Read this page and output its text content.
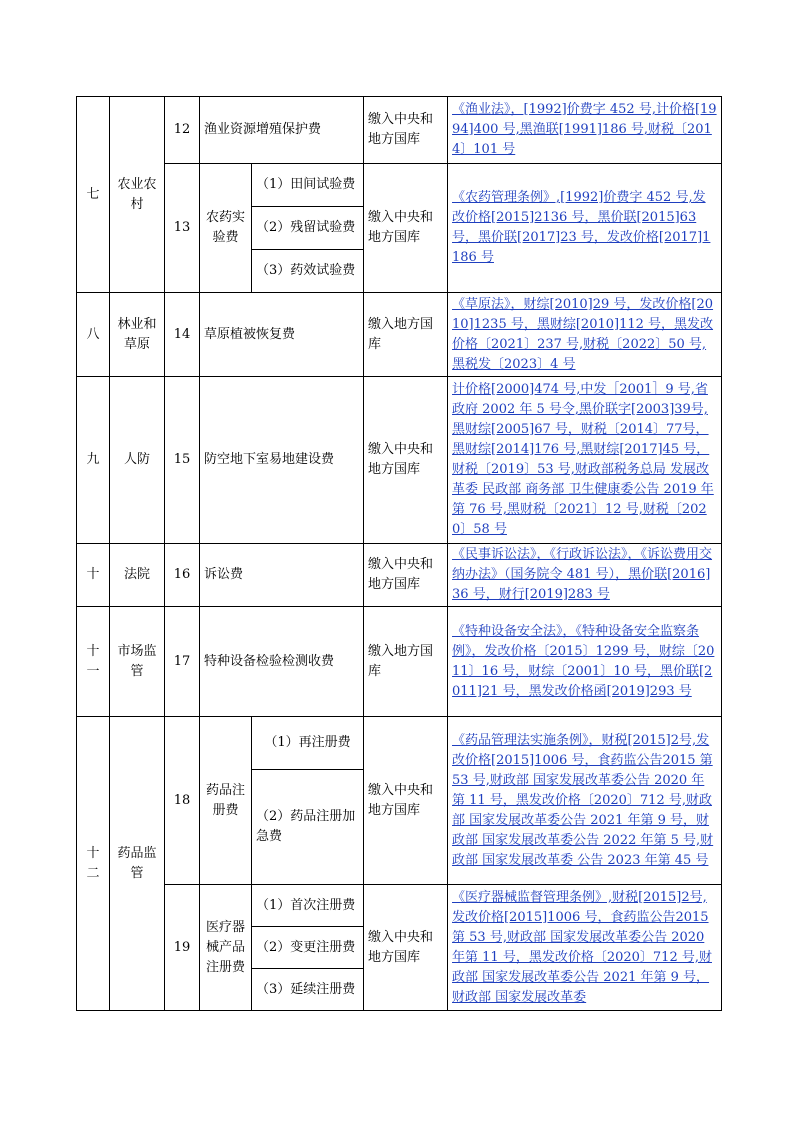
七	农业农村	12	渔业资源增殖保护费		缴入中央和地方国库	《渔业法》，[1992]价费字 452 号,计价格[1994]400 号,黑渔联[1991]186 号,财税〔2014〕101 号
		13	农药实验费	（1）田间试验费	缴入中央和地方国库	《农药管理条例》,[1992]价费字 452 号,发改价格[2015]2136 号，黑价联[2015]63 号，黑价联[2017]23 号，发改价格[2017]1186 号
				（2）残留试验费		
				（3）药效试验费		
八	林业和草原	14	草原植被恢复费		缴入地方国库	《草原法》，财综[2010]29 号，发改价格[2010]1235 号，黑财综[2010]112 号，黑发改价格〔2021〕237 号,财税〔2022〕50 号,黑税发〔2023〕4 号
九	人防	15	防空地下室易地建设费		缴入中央和地方国库	计价格[2000]474 号,中发［2001］9 号,省政府 2002 年 5 号令,黑价联字[2003]39号,黑财综[2005]67 号，财税〔2014〕77号，黑财综[2014]176 号,黑财综[2017]45 号，财税〔2019〕53 号,财政部税务总局 发展改革委 民政部 商务部 卫生健康委公告 2019 年第 76 号,黑财税〔2021〕12 号,财税〔2020〕58 号
十	法院	16	诉讼费		缴入中央和地方国库	《民事诉讼法》，《行政诉讼法》，《诉讼费用交纳办法》（国务院令 481 号），黑价联[2016]36 号，财行[2019]283 号
十一	市场监管	17	特种设备检验检测收费		缴入地方国库	《特种设备安全法》，《特种设备安全监察条例》，发改价格〔2015〕1299 号，财综〔2011〕16 号，财综〔2001〕10 号，黑价联[2011]21 号，黑发改价格函[2019]293 号
十二	药品监管	18	药品注册费	（1）再注册费	缴入中央和地方国库	《药品管理法实施条例》，财税[2015]2号,发改价格[2015]1006 号，食药监公告2015 第 53 号,财政部 国家发展改革委公告 2020 年第 11 号，黑发改价格〔2020〕712 号,财政部 国家发展改革委公告 2021 年第 9 号，财政部 国家发展改革委公告 2022 年第 5 号,财政部 国家发展改革委 公告 2023 年第 45 号
				（2）药品注册加急费		
		19	医疗器械产品注册费	（1）首次注册费	缴入中央和地方国库	《医疗器械监督管理条例》,财税[2015]2号,发改价格[2015]1006 号，食药监公告2015 第 53 号,财政部 国家发展改革委公告 2020 年第 11 号，黑发改价格〔2020〕712 号,财政部 国家发展改革委公告 2021 年第 9 号，财政部 国家发展改革委
				（2）变更注册费		
				（3）延续注册费		
